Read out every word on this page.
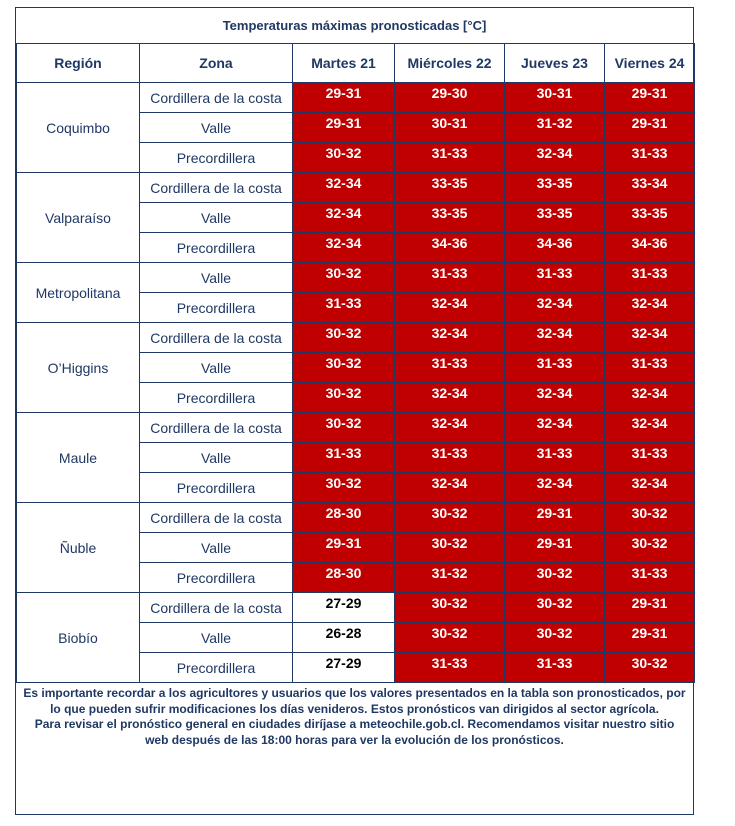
Temperaturas máximas pronosticadas [°C]
Región	Zona	Martes 21	Miércoles 22	Jueves 23	Viernes 24
Coquimbo	Cordillera de la costa	29-31	29-30	30-31	29-31
	Valle	29-31	30-31	31-32	29-31
	Precordillera	30-32	31-33	32-34	31-33
Valparaíso	Cordillera de la costa	32-34	33-35	33-35	33-34
	Valle	32-34	33-35	33-35	33-35
	Precordillera	32-34	34-36	34-36	34-36
Metropolitana	Valle	30-32	31-33	31-33	31-33
	Precordillera	31-33	32-34	32-34	32-34
O’Higgins	Cordillera de la costa	30-32	32-34	32-34	32-34
	Valle	30-32	31-33	31-33	31-33
	Precordillera	30-32	32-34	32-34	32-34
Maule	Cordillera de la costa	30-32	32-34	32-34	32-34
	Valle	31-33	31-33	31-33	31-33
	Precordillera	30-32	32-34	32-34	32-34
Ñuble	Cordillera de la costa	28-30	30-32	29-31	30-32
	Valle	29-31	30-32	29-31	30-32
	Precordillera	28-30	31-32	30-32	31-33
Biobío	Cordillera de la costa	27-29	30-32	30-32	29-31
	Valle	26-28	30-32	30-32	29-31
	Precordillera	27-29	31-33	31-33	30-32

Es importante recordar a los agricultores y usuarios que los valores presentados en la tabla son pronosticados, por lo que pueden sufrir modificaciones los días venideros. Estos pronósticos van dirigidos al sector agrícola.

Para revisar el pronóstico general en ciudades diríjase a meteochile.gob.cl. Recomendamos visitar nuestro sitio web después de las 18:00 horas para ver la evolución de los pronósticos.
